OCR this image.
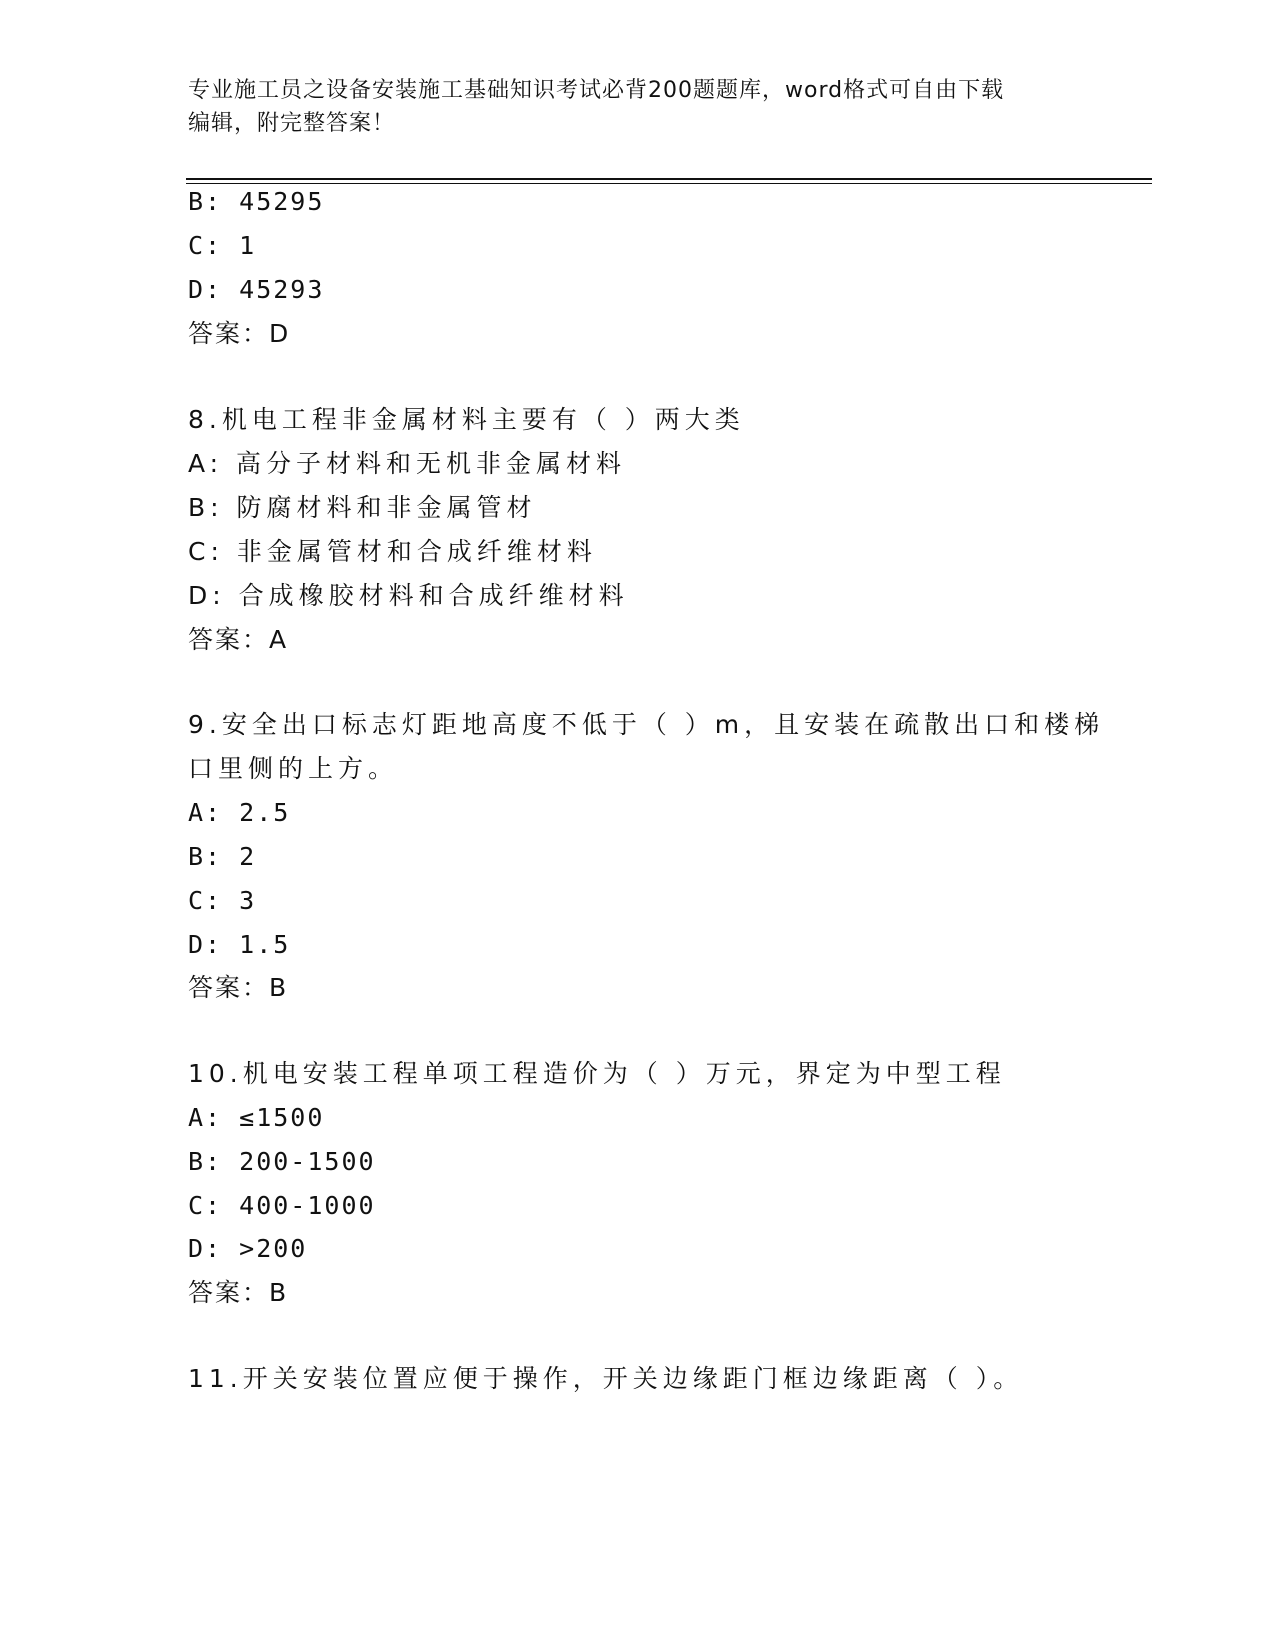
专业施工员之设备安装施工基础知识考试必背200题题库，word格式可自由下载
编辑，附完整答案！
B: 45295
C: 1
D: 45293
答案：D
8.机电工程非金属材料主要有（ ）两大类
A: 高分子材料和无机非金属材料
B: 防腐材料和非金属管材
C: 非金属管材和合成纤维材料
D: 合成橡胶材料和合成纤维材料
答案：A
9.安全出口标志灯距地高度不低于（ ）m，且安装在疏散出口和楼梯
口里侧的上方。
A: 2.5
B: 2
C: 3
D: 1.5
答案：B
10.机电安装工程单项工程造价为（ ）万元，界定为中型工程
A: ≤1500
B: 200-1500
C: 400-1000
D: >200
答案：B
11.开关安装位置应便于操作，开关边缘距门框边缘距离（ ）。
